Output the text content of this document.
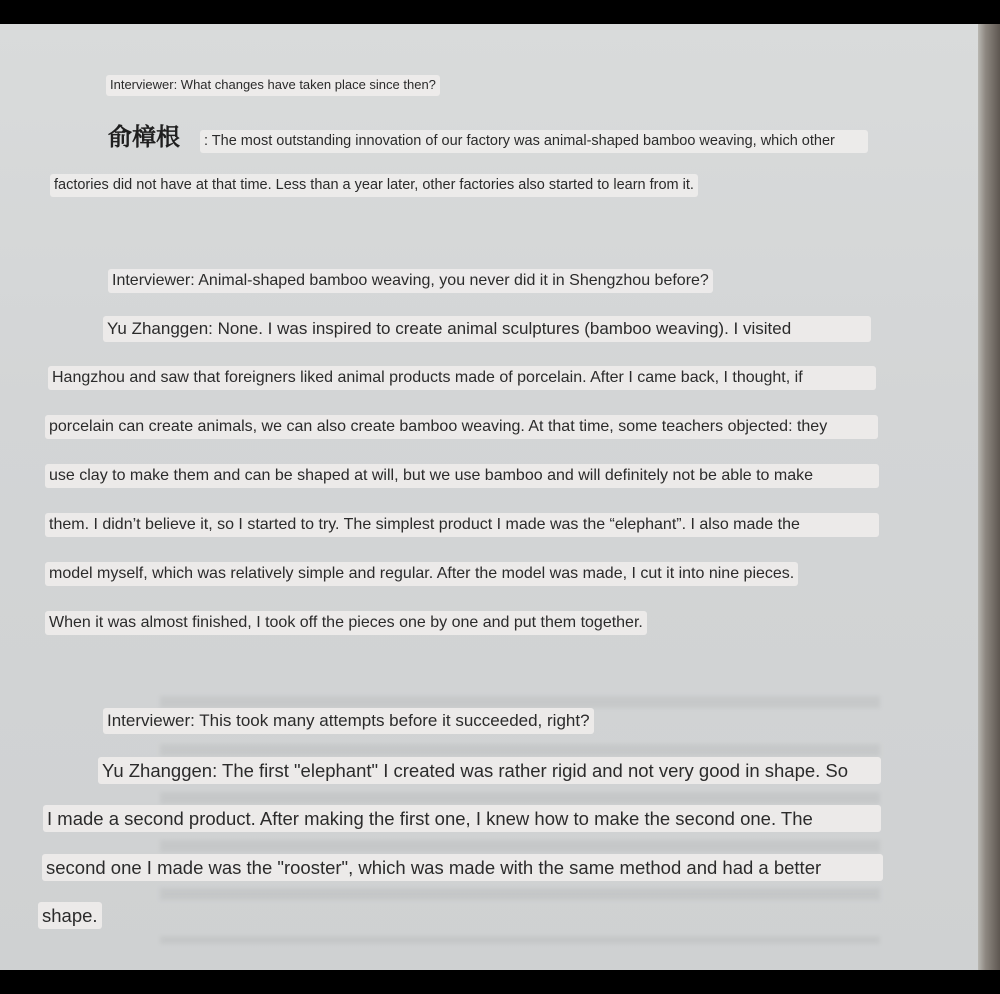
Interviewer: What changes have taken place since then?
俞樟根 : The most outstanding innovation of our factory was animal-shaped bamboo weaving, which other
factories did not have at that time. Less than a year later, other factories also started to learn from it.
Interviewer: Animal-shaped bamboo weaving, you never did it in Shengzhou before?
Yu Zhanggen: None. I was inspired to create animal sculptures (bamboo weaving). I visited
Hangzhou and saw that foreigners liked animal products made of porcelain. After I came back, I thought, if
porcelain can create animals, we can also create bamboo weaving. At that time, some teachers objected: they
use clay to make them and can be shaped at will, but we use bamboo and will definitely not be able to make
them. I didn’t believe it, so I started to try. The simplest product I made was the “elephant”. I also made the
model myself, which was relatively simple and regular. After the model was made, I cut it into nine pieces.
When it was almost finished, I took off the pieces one by one and put them together.
Interviewer: This took many attempts before it succeeded, right?
Yu Zhanggen: The first "elephant" I created was rather rigid and not very good in shape. So
I made a second product. After making the first one, I knew how to make the second one. The
second one I made was the "rooster", which was made with the same method and had a better
shape.
